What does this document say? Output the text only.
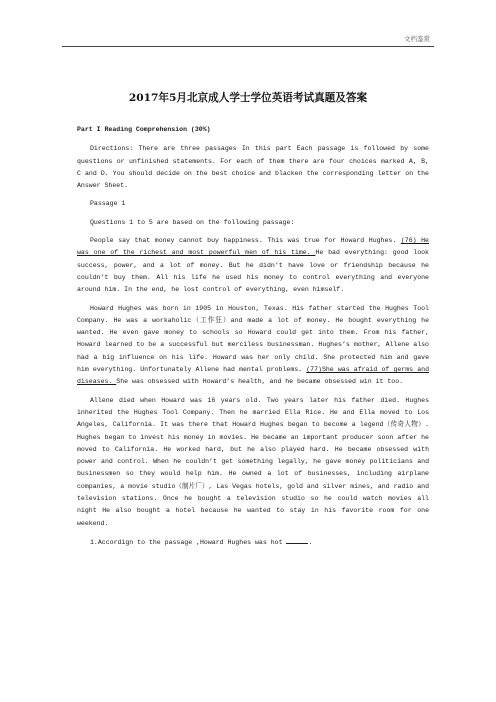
文档鉴赏
2017年5月北京成人学士学位英语考试真题及答案

Part I Reading Comprehension (30%)

Directions: There are three passages In this part Each passage is followed by some questions or unfinished statements. For each of them there are four choices marked A, B, C and D. You should decide on the best choice and blacken the corresponding letter on the Answer Sheet.

Passage 1

Questions 1 to 5 are based on the following passage:

People say that money cannot buy happiness. This was true for Howard Hughes. (76) He was one of the richest and most powerful men of his time. He bad everything: good look success, power, and a lot of money. But he didn’t have love or friendship because he couldn’t buy them. All his life he used his money to control everything and everyone around him. In the end, he lost control of everything, even himself.

Howard Hughes was born in 1905 in Houston, Texas. His father started the Hughes Tool Company. He was a workaholic（工作狂）and made a lot of money. He bought everything he wanted. He even gave money to schools so Howard could get into them. From his father, Howard learned to be a successful but merciless businessman. Hughes’s mother, Allene also had a big influence on his life. Howard was her only child. She protected him and gave him everything. Unfortunately Allene had mental problems. (77)She was afraid of germs and diseases. She was obsessed with Howard’s health, and he became obsessed win it too.

Allene died when Howard was 16 years old. Two years later his father died. Hughes inherited the Hughes Tool Company. Then he married Ella Rice. He and Ella moved to Los Angeles, California. It was there that Howard Hughes began to become a legend（传奇人物）. Hughes began to invest his money in movies. He became an important producer soon after he moved to California. He worked hard, but he also played hard. He became obsessed with power and control. When he couldn’t get something legally, he gave money politicians and businessmen so they would help him. He owned a lot of businesses, including airplane companies, a movie studio（制片厂）, Las Vegas hotels, gold and silver mines, and radio and television stations. Once he bought a television studio so he could watch movies all night He also bought a hotel because he wanted to stay in his favorite room for one weekend.

1.Accordign to the passage ,Howard Hughes was hot	.
